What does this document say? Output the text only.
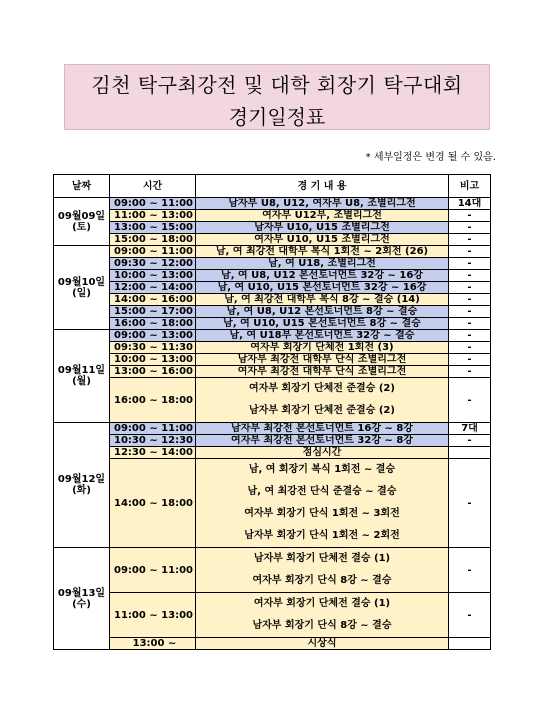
김천 탁구최강전 및 대학 회장기 탁구대회
경기일정표
* 세부일정은 변경 될 수 있음.
날짜	시간	경 기 내 용	비고
09월09일
(토)	09:00 ~ 11:00	남자부 U8, U12, 여자부 U8, 조별리그전	14대
	11:00 ~ 13:00	여자부 U12부, 조별리그전	-
	13:00 ~ 15:00	남자부 U10, U15 조별리그전	-
	15:00 ~ 18:00	여자부 U10, U15 조별리그전	-
09월10일
(일)	09:00 ~ 11:00	남, 여 최강전 대학부 복식 1회전 ~ 2회전 (26)	-
	09:30 ~ 12:00	남, 여 U18, 조별리그전	-
	10:00 ~ 13:00	남, 여 U8, U12 본선토너먼트 32강 ~ 16강	-
	12:00 ~ 14:00	남, 여 U10, U15 본선토너먼트 32강 ~ 16강	-
	14:00 ~ 16:00	남, 여 최강전 대학부 복식 8강 ~ 결승 (14)	-
	15:00 ~ 17:00	남, 여 U8, U12 본선토너먼트 8강 ~ 결승	-
	16:00 ~ 18:00	남, 여 U10, U15 본선토너먼트 8강 ~ 결승	-
09월11일
(월)	09:00 ~ 13:00	남, 여 U18부 본선토너먼트 32강 ~ 결승	-
	09:30 ~ 11:30	여자부 회장기 단체전 1회전 (3)	-
	10:00 ~ 13:00	남자부 최강전 대학부 단식 조별리그전	-
	13:00 ~ 16:00	여자부 최강전 대학부 단식 조별리그전	-
	16:00 ~ 18:00	여자부 회장기 단체전 준결승 (2)
남자부 회장기 단체전 준결승 (2)	-
09월12일
(화)	09:00 ~ 11:00	남자부 최강전 본선토너먼트 16강 ~ 8강	7대
	10:30 ~ 12:30	여자부 최강전 본선토너먼트 32강 ~ 8강	-
	12:30 ~ 14:00	점심시간	
	14:00 ~ 18:00	남, 여 회장기 복식 1회전 ~ 결승
남, 여 최강전 단식 준결승 ~ 결승
여자부 회장기 단식 1회전 ~ 3회전
남자부 회장기 단식 1회전 ~ 2회전	-
09월13일
(수)	09:00 ~ 11:00	남자부 회장기 단체전 결승 (1)
여자부 회장기 단식 8강 ~ 결승	-
	11:00 ~ 13:00	여자부 회장기 단체전 결승 (1)
남자부 회장기 단식 8강 ~ 결승	-
	13:00 ~	시상식	
